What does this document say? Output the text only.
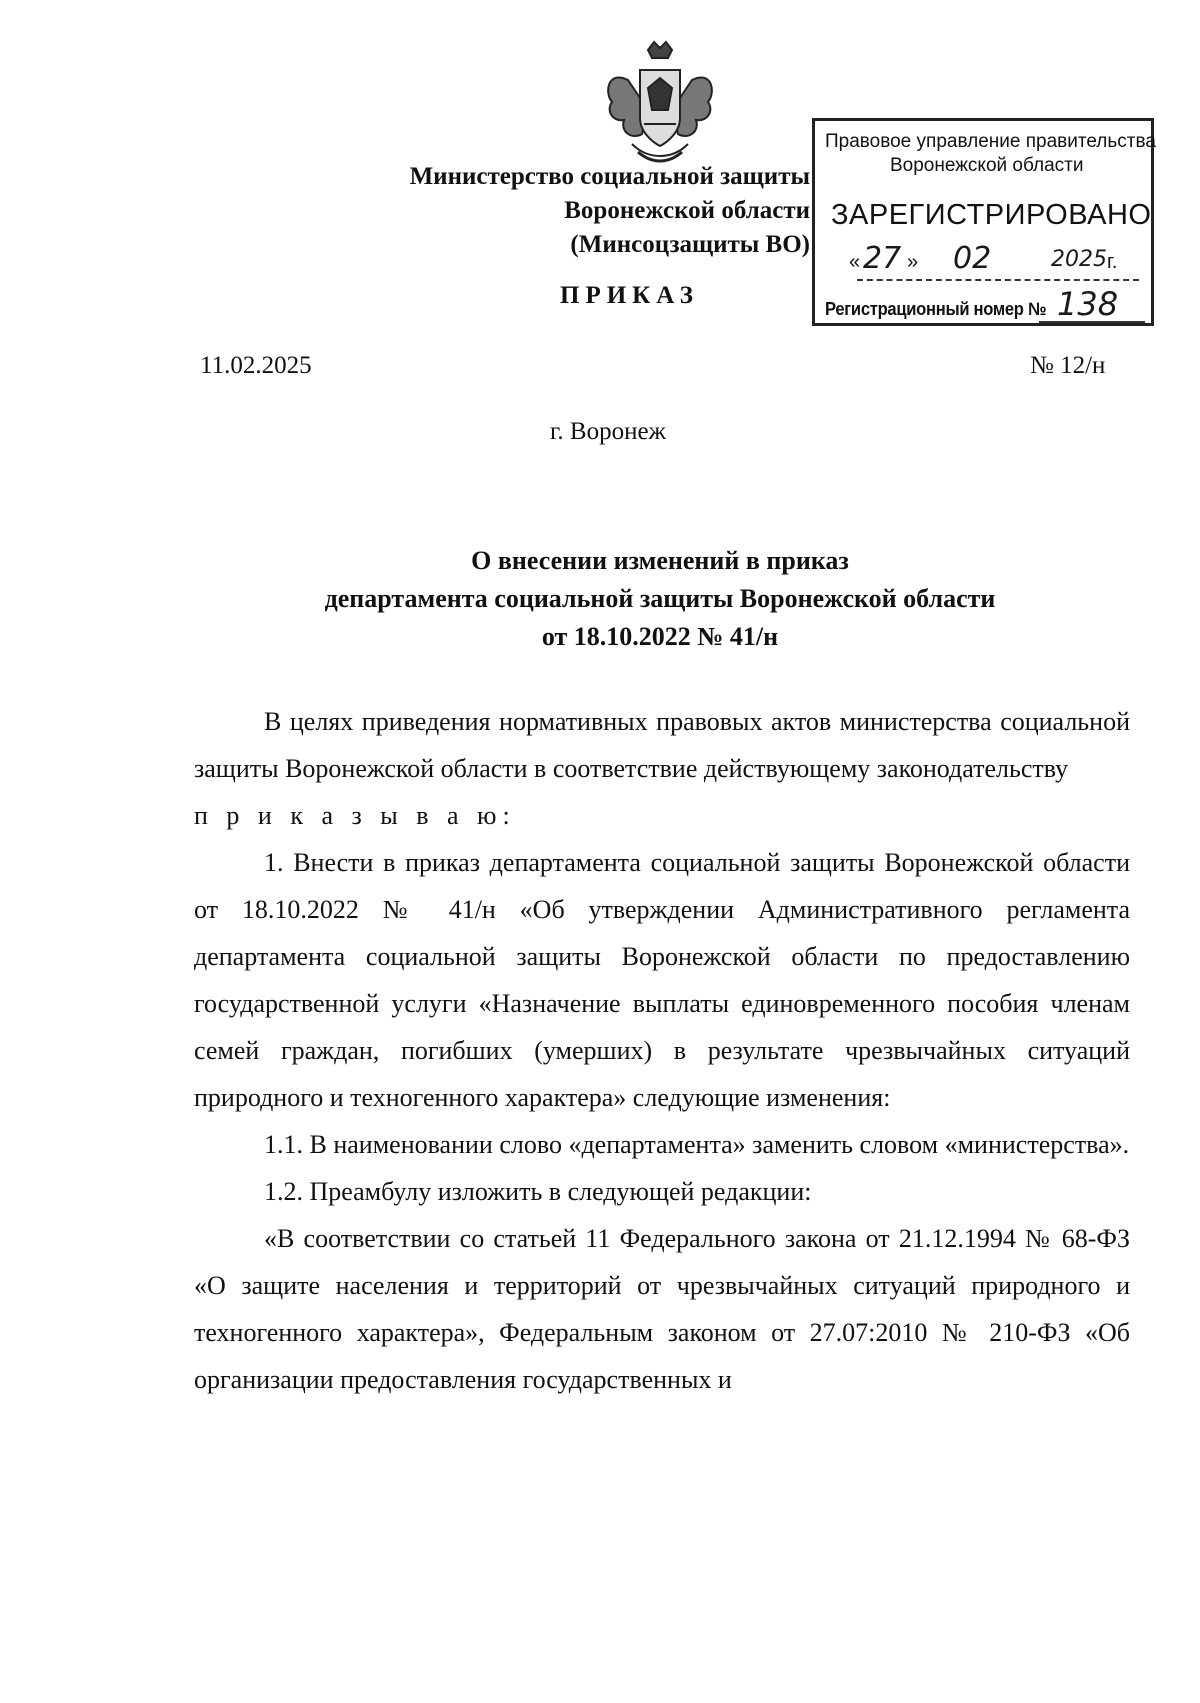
Министерство социальной защиты
Воронежской области
(Минсоцзащиты ВО)
ПРИКАЗ
Правовое управление правительства
Воронежской области
ЗАРЕГИСТРИРОВАНО
« 27 » 02	2025 г.
Регистрационный номер № 138
11.02.2025	№ 12/н
г. Воронеж
О внесении изменений в приказ
департамента социальной защиты Воронежской области
от 18.10.2022 № 41/н

В целях приведения нормативных правовых актов министерства социальной защиты Воронежской области в соответствие действующему законодательству

п р и к а з ы в а ю:

1. Внести в приказ департамента социальной защиты Воронежской области от 18.10.2022 № 41/н «Об утверждении Административного регламента департамента социальной защиты Воронежской области по предоставлению государственной услуги «Назначение выплаты единовременного пособия членам семей граждан, погибших (умерших) в результате чрезвычайных ситуаций природного и техногенного характера» следующие изменения:

1.1. В наименовании слово «департамента» заменить словом «министерства».

1.2. Преамбулу изложить в следующей редакции:

«В соответствии со статьей 11 Федерального закона от 21.12.1994 № 68-ФЗ «О защите населения и территорий от чрезвычайных ситуаций природного и техногенного характера», Федеральным законом от 27.07:2010 № 210-ФЗ «Об организации предоставления государственных и
